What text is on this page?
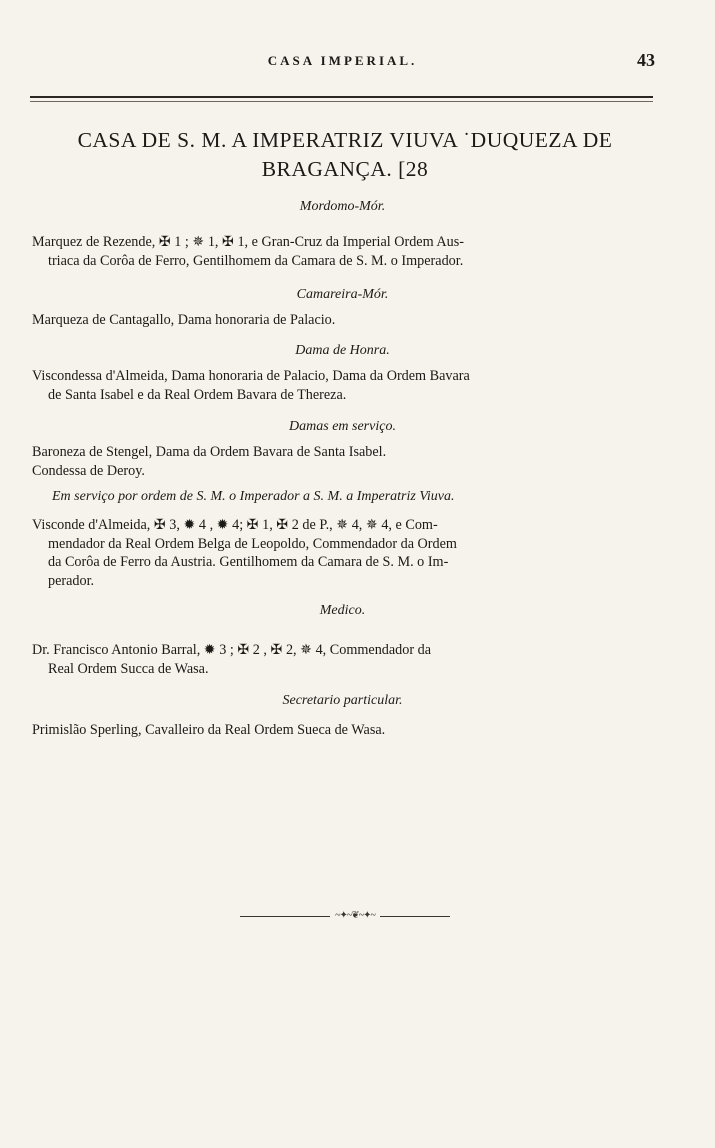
CASA IMPERIAL.	43
CASA DE S. M. A IMPERATRIZ VIUVA ˙DUQUEZA DE
BRAGANÇA. [28
Mordomo-Mór.
Marquez de Rezende, ✠ 1 ; ✵ 1, ✠ 1, e Gran-Cruz da Imperial Ordem Aus-
triaca da Corôa de Ferro, Gentilhomem da Camara de S. M. o Imperador.
Camareira-Mór.
Marqueza de Cantagallo, Dama honoraria de Palacio.
Dama de Honra.
Viscondessa d'Almeida, Dama honoraria de Palacio, Dama da Ordem Bavara
de Santa Isabel e da Real Ordem Bavara de Thereza.
Damas em serviço.
Baroneza de Stengel, Dama da Ordem Bavara de Santa Isabel.
Condessa de Deroy.
Em serviço por ordem de S. M. o Imperador a S. M. a Imperatriz Viuva.
Visconde d'Almeida, ✠ 3, ✹ 4 , ✹ 4; ✠ 1, ✠ 2 de P., ✵ 4, ✵ 4, e Com-
mendador da Real Ordem Belga de Leopoldo, Commendador da Ordem
da Corôa de Ferro da Austria. Gentilhomem da Camara de S. M. o Im-
perador.
Medico.
Dr. Francisco Antonio Barral, ✹ 3 ; ✠ 2 , ✠ 2, ✵ 4, Commendador da
Real Ordem Succa de Wasa.
Secretario particular.
Primislão Sperling, Cavalleiro da Real Ordem Sueca de Wasa.
~✦~❦~✦~
